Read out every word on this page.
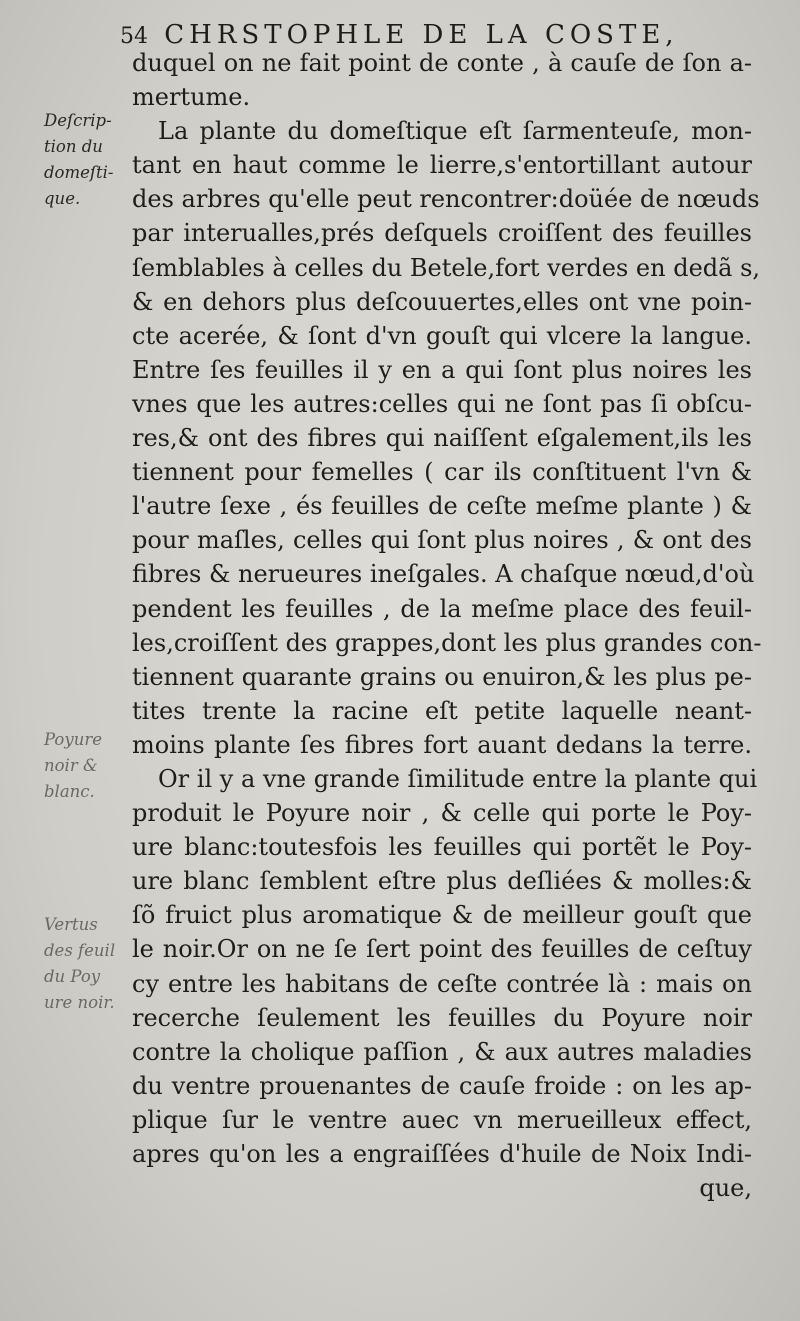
54 CHRSTOPHLE DE LA COSTE,
duquel on ne fait point de conte , à cauſe de ſon a-
mertume.
La plante du domeſtique eſt ſarmenteuſe, mon-
tant en haut comme le lierre,s'entortillant autour
des arbres qu'elle peut rencontrer:doüée de nœuds
par interualles,prés deſquels croiſſent des feuilles
ſemblables à celles du Betele,fort verdes en dedã s,
& en dehors plus deſcouuertes,elles ont vne poin-
cte acerée, & ſont d'vn gouſt qui vlcere la langue.
Entre ſes feuilles il y en a qui ſont plus noires les
vnes que les autres:celles qui ne ſont pas ſi obſcu-
res,& ont des fibres qui naiſſent eſgalement,ils les
tiennent pour femelles ( car ils conſtituent l'vn &
l'autre ſexe , és feuilles de ceſte meſme plante ) &
pour maſles, celles qui ſont plus noires , & ont des
fibres & nerueures ineſgales. A chaſque nœud,d'où
pendent les feuilles , de la meſme place des feuil-
les,croiſſent des grappes,dont les plus grandes con-
tiennent quarante grains ou enuiron,& les plus pe-
tites trente la racine eſt petite laquelle neant-
moins plante ſes fibres fort auant dedans la terre.
Or il y a vne grande ſimilitude entre la plante qui
produit le Poyure noir , & celle qui porte le Poy-
ure blanc:toutesfois les feuilles qui portẽt le Poy-
ure blanc ſemblent eſtre plus deſliées & molles:&
ſõ fruict plus aromatique & de meilleur gouſt que
le noir.Or on ne ſe ſert point des feuilles de ceſtuy
cy entre les habitans de ceſte contrée là : mais on
recerche ſeulement les feuilles du Poyure noir
contre la cholique paſſion , & aux autres maladies
du ventre prouenantes de cauſe froide : on les ap-
plique ſur le ventre auec vn merueilleux effect,
apres qu'on les a engraiſſées d'huile de Noix Indi-
que,
Deſcrip-
tion du
domeſti-
que.
Poyure
noir &
blanc.
Vertus
des feuil
du Poy
ure noir.
